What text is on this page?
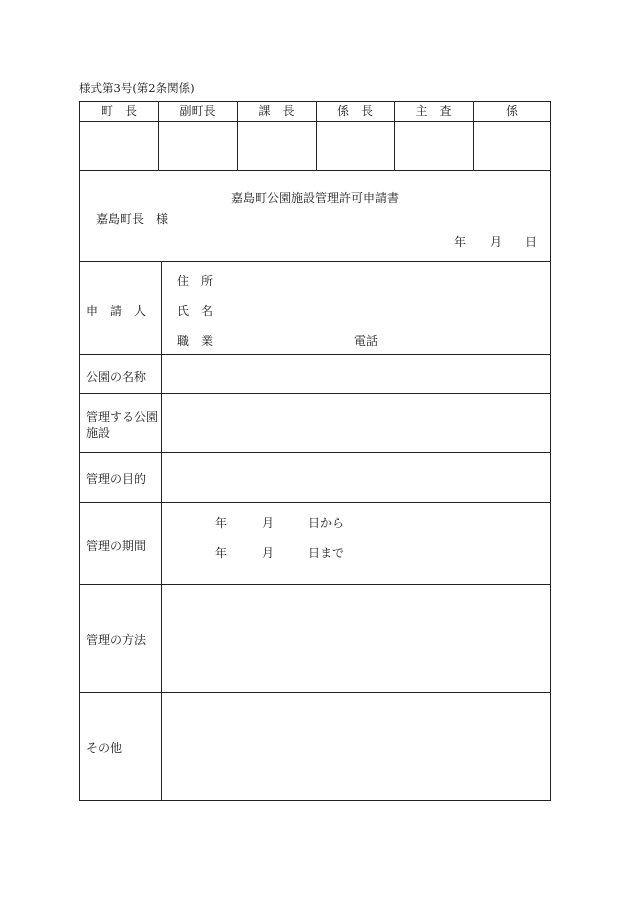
様式第3号(第2条関係)
町　長	副町長	課　長	係　長	主　査	係
嘉島町公園施設管理許可申請書
嘉島町長　様
年 月 日
申　請　人
住　所
氏　名
職　業	電話
公園の名称
管理する公園
施設
管理の目的
管理の期間
年	月	日から
年	月	日まで
管理の方法
その他
